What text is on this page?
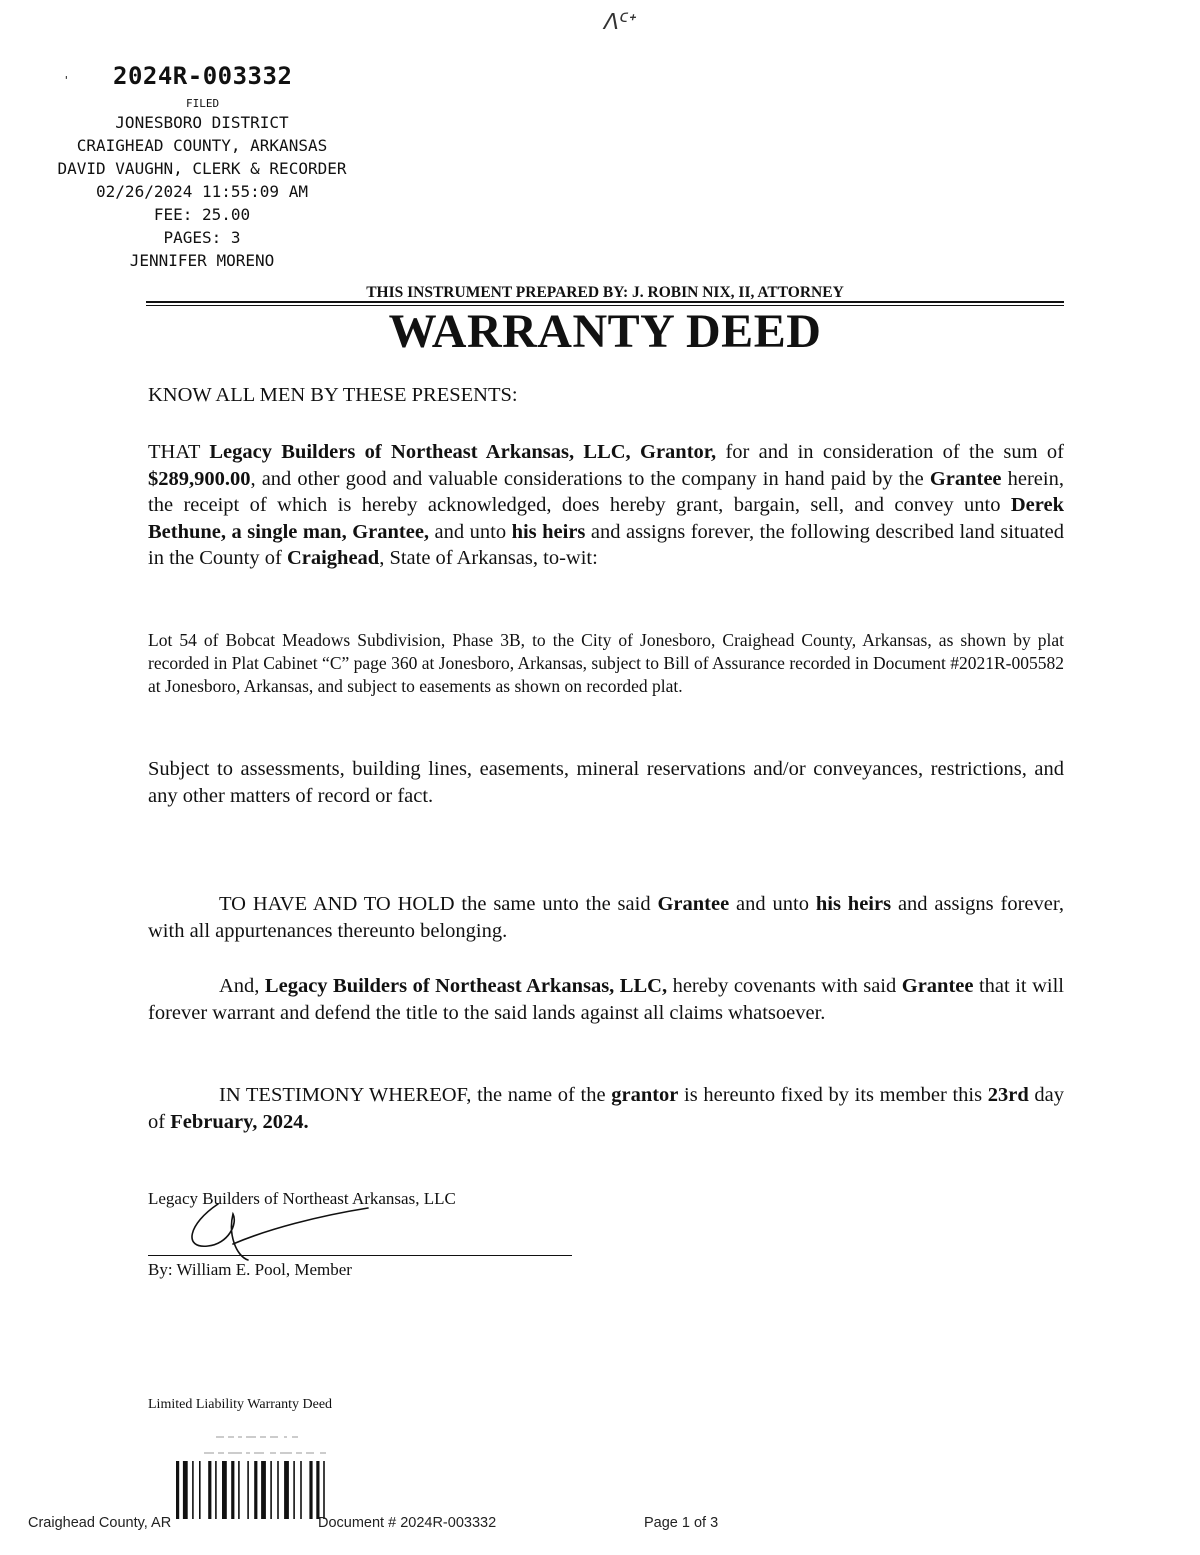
ᐱᑦᐩ
' 2024R-003332
FILED
JONESBORO DISTRICT
CRAIGHEAD COUNTY, ARKANSAS
DAVID VAUGHN, CLERK & RECORDER
02/26/2024 11:55:09 AM
FEE: 25.00
PAGES: 3
JENNIFER MORENO
THIS INSTRUMENT PREPARED BY: J. ROBIN NIX, II, ATTORNEY
WARRANTY DEED
KNOW ALL MEN BY THESE PRESENTS:
THAT Legacy Builders of Northeast Arkansas, LLC, Grantor, for and in consideration of the sum of $289,900.00, and other good and valuable considerations to the company in hand paid by the Grantee herein, the receipt of which is hereby acknowledged, does hereby grant, bargain, sell, and convey unto Derek Bethune, a single man, Grantee, and unto his heirs and assigns forever, the following described land situated in the County of Craighead, State of Arkansas, to-wit:
Lot 54 of Bobcat Meadows Subdivision, Phase 3B, to the City of Jonesboro, Craighead County, Arkansas, as shown by plat recorded in Plat Cabinet “C” page 360 at Jonesboro, Arkansas, subject to Bill of Assurance recorded in Document #2021R-005582 at Jonesboro, Arkansas, and subject to easements as shown on recorded plat.
Subject to assessments, building lines, easements, mineral reservations and/or conveyances, restrictions, and any other matters of record or fact.
TO HAVE AND TO HOLD the same unto the said Grantee and unto his heirs and assigns forever, with all appurtenances thereunto belonging.
And, Legacy Builders of Northeast Arkansas, LLC, hereby covenants with said Grantee that it will forever warrant and defend the title to the said lands against all claims whatsoever.
IN TESTIMONY WHEREOF, the name of the grantor is hereunto fixed by its member this 23rd day of February, 2024.
Legacy Builders of Northeast Arkansas, LLC
By: William E. Pool, Member
Limited Liability Warranty Deed
Craighead County, AR	Document # 2024R-003332	Page 1 of 3
